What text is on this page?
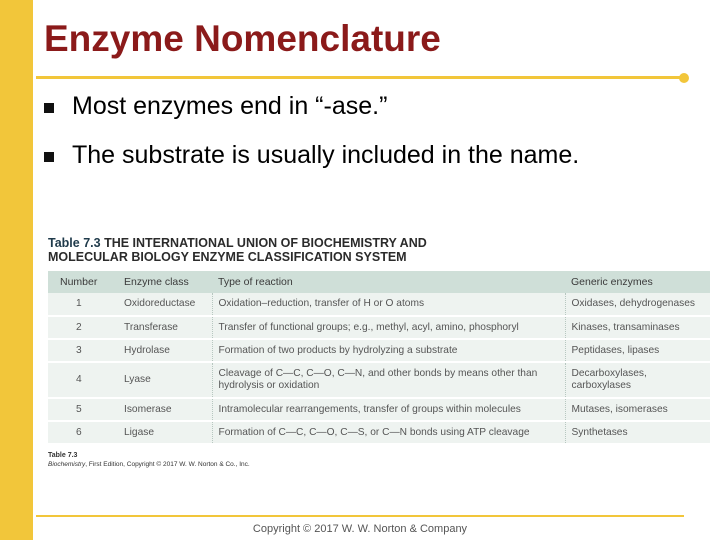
Enzyme Nomenclature
Most enzymes end in “-ase.”
The substrate is usually included in the name.
Table 7.3 THE INTERNATIONAL UNION OF BIOCHEMISTRY AND
MOLECULAR BIOLOGY ENZYME CLASSIFICATION SYSTEM
Number	Enzyme class	Type of reaction	Generic enzymes
1	Oxidoreductase	Oxidation–reduction, transfer of H or O atoms	Oxidases, dehydrogenases
2	Transferase	Transfer of functional groups; e.g., methyl, acyl, amino, phosphoryl	Kinases, transaminases
3	Hydrolase	Formation of two products by hydrolyzing a substrate	Peptidases, lipases
4	Lyase	Cleavage of C—C, C—O, C—N, and other bonds by means other than hydrolysis or oxidation	Decarboxylases, carboxylases
5	Isomerase	Intramolecular rearrangements, transfer of groups within molecules	Mutases, isomerases
6	Ligase	Formation of C—C, C—O, C—S, or C—N bonds using ATP cleavage	Synthetases
Table 7.3
Biochemistry, First Edition, Copyright © 2017 W. W. Norton & Co., Inc.
Copyright © 2017 W. W. Norton & Company
